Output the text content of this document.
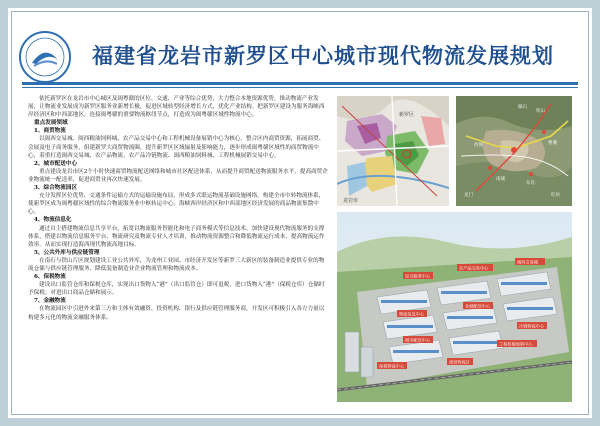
福建省龙岩市新罗区中心城市现代物流发展规划

依托新罗区在龙岩市中心城区及闽粤赣的区位、交通、产业等综合优势，大力整合本地资源优势，推动物流产业发展，让物流业发展成为新罗区服务业新增长极，促进区域转型经济增长方式，优化产业结构。把新罗区建设为服务海峡西岸经济区和中西部地区，连接闽粤赣的重要物流枢纽节点，打造成为闽粤赣区域性物流中心。

重点发展领域

1、商贸物流

以闽西交易城、闽西粮油饲料城、农产品交易中心和工程机械设备展销中心为核心，整合区内商贸资源，拓展商贸、会展及电子商务服务，组建新罗大商贸物流圈，提升新罗区区域辐射及影响能力，逐步形成闽粤赣区域性的商贸物流中心，着重打造闽西交易城、农产品物流、农产品冷链物流、闽西粮油饲料城、工程机械展销交易中心。

2、城市配送中心

重点建设龙岩市区2个小时快速商贸物流配送网络和城市社区配送体系，从而提升商贸配送物流服务水平，提高商贸企业物流统一配送率，促进商贸业再次快速发展。

3、综合物流园区

充分发挥区位优势、交通条件运输方式的运输设施布局，形成多式联运物流基础设施网络，构建全市中转物流体系，使新罗区成为闽粤赣区域性的综合物流服务业中枢转运中心。海峡西岸经济区和中西部地区经济发展的商品物流集散中心。

4、物流信息化

通过自主搭建物流信息共享平台，拓宽以物流服务智能化和电子商务模式等信息技术，加快建设现代物流服务的支撑体系，搭建以物流信息服务平台、物流研究及物流专业人才培训，推动物流资源整合和降低物流运行成本，提高物流运作效率。从而实现打造海西现代物流高地目标。

5、公共外库与供应链管理

在南石与铁山片区规划建设工业公共外库，为龙州工业园、市经济开发区等新罗三大新区的装备制造业提供专业的物流仓储与供应链管理服务，降低装备制造业企业物流管理和物流成本。

6、保税物流

建设出口监管仓库和保税仓库，实现出口货物入“港”（出口监管仓）即可退税，进口货物入“港”（保税仓库）仓储时予保税；对进出口商品仓储和展示。

7、金融物流

在物流园区中引进外来第三方和主体有效融资、投资机构、银行及供应链管理服务商，开发区可积极引入各方力量以构建多元化的物流金融服务体系。

龙岩市
新罗区
铁山
东肖
曹溪
西城
南城
雁石
龙门	红坊
综合服务中心
农产品交易中心
闽西交易城
冷链物流中心
仓储配送中心
工程机械展销中心
物流信息中心
城市配送中心
保税物流中心
商贸物流区
